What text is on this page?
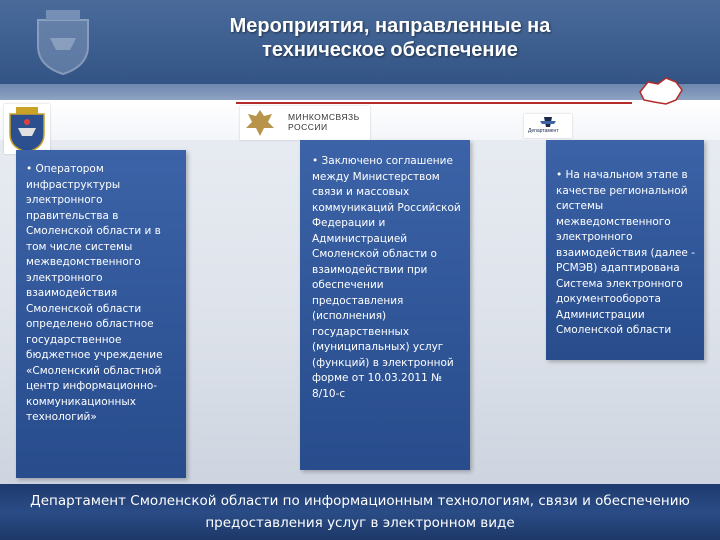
Мероприятия, направленные на техническое обеспечение
МИНКОМСВЯЗЬ РОССИИ	Департамент
• Оператором инфраструктуры электронного правительства в Смоленской области и в том числе системы межведомственного электронного взаимодействия Смоленской области определено областное государственное бюджетное учреждение «Смоленский областной центр информационно-коммуникационных технологий»
• Заключено соглашение между Министерством связи и массовых коммуникаций Российской Федерации и Администрацией Смоленской области о взаимодействии при обеспечении предоставления (исполнения) государственных (муниципальных) услуг (функций) в электронной форме от 10.03.2011 № 8/10-с
• На начальном этапе в качестве региональной системы межведомственного электронного взаимодействия (далее - РСМЭВ) адаптирована Система электронного документооборота Администрации Смоленской области
Департамент Смоленской области по информационным технологиям, связи и обеспечению предоставления услуг в электронном виде
